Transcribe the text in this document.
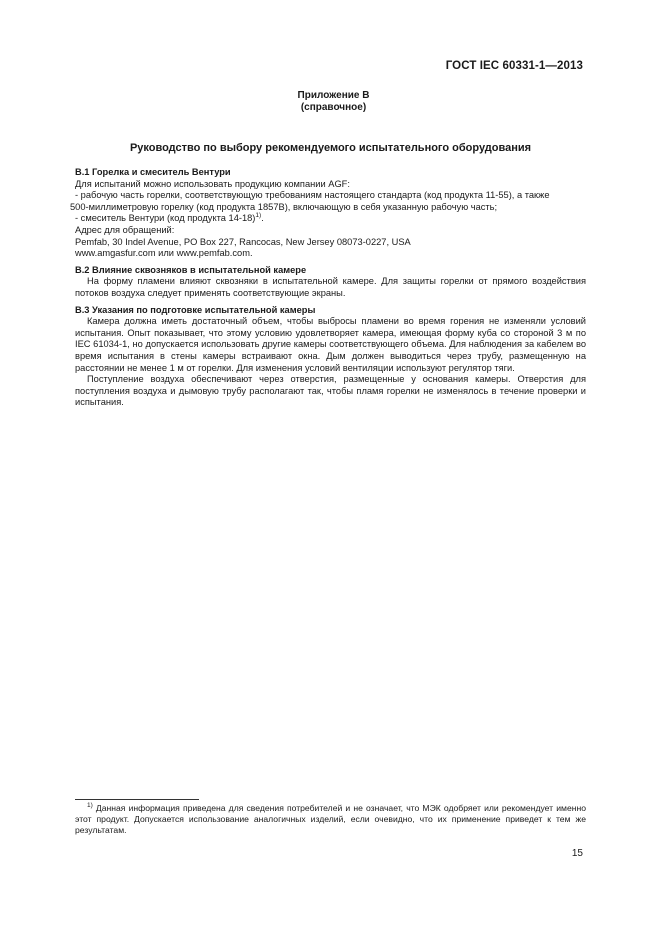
ГОСТ IEC 60331-1—2013
Приложение B
(справочное)
Руководство по выбору рекомендуемого испытательного оборудования
B.1 Горелка и смеситель Вентури
Для испытаний можно использовать продукцию компании AGF:
- рабочую часть горелки, соответствующую требованиям настоящего стандарта (код продукта 11-55), а также
500-миллиметровую горелку (код продукта 1857B), включающую в себя указанную рабочую часть;
- смеситель Вентури (код продукта 14-18)$^{1)}$.
Адрес для обращений:
Pemfab, 30 Indel Avenue, PO Box 227, Rancocas, New Jersey 08073-0227, USA
www.amgasfur.com или www.pemfab.com.
B.2 Влияние сквозняков в испытательной камере
На форму пламени влияют сквозняки в испытательной камере. Для защиты горелки от прямого воздействия потоков воздуха следует применять соответствующие экраны.
B.3 Указания по подготовке испытательной камеры
Камера должна иметь достаточный объем, чтобы выбросы пламени во время горения не изменяли условий испытания. Опыт показывает, что этому условию удовлетворяет камера, имеющая форму куба со стороной 3 м по IEC 61034-1, но допускается использовать другие камеры соответствующего объема. Для наблюдения за кабелем во время испытания в стены камеры встраивают окна. Дым должен выводиться через трубу, размещенную на расстоянии не менее 1 м от горелки. Для изменения условий вентиляции используют регулятор тяги.
Поступление воздуха обеспечивают через отверстия, размещенные у основания камеры. Отверстия для поступления воздуха и дымовую трубу располагают так, чтобы пламя горелки не изменялось в течение проверки и испытания.
$^{1)}$ Данная информация приведена для сведения потребителей и не означает, что МЭК одобряет или рекомендует именно этот продукт. Допускается использование аналогичных изделий, если очевидно, что их применение приведет к тем же результатам.
15
